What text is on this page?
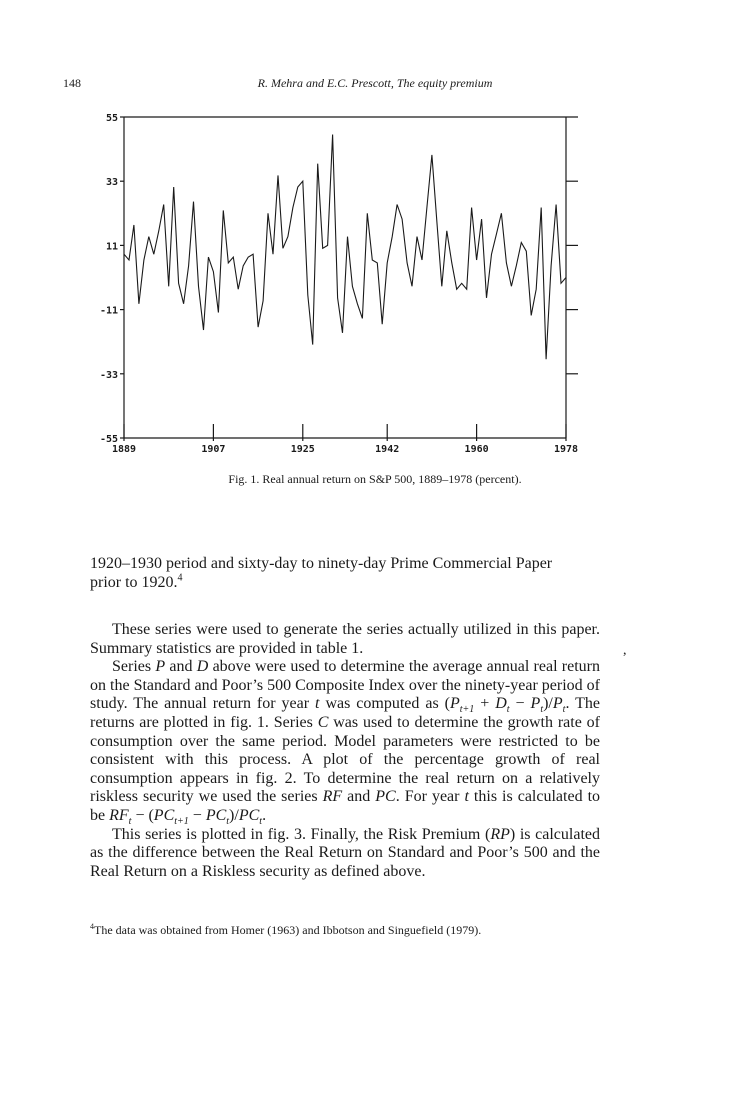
148	R. Mehra and E.C. Prescott, The equity premium
55
33
11
-11
-33
-55
1889	1907	1925	1942	1960	1978
Fig. 1. Real annual return on S&P 500, 1889–1978 (percent).

1920–1930 period and sixty-day to ninety-day Prime Commercial Paper

prior to 1920.$^4$

These series were used to generate the series actually utilized in this paper. Summary statistics are provided in table 1.

Series P and D above were used to determine the average annual real return on the Standard and Poor’s 500 Composite Index over the ninety-year period of study. The annual return for year t was computed as $(P_{t+1} + D_t - P_t)/P_t$. The returns are plotted in fig. 1. Series C was used to determine the growth rate of consumption over the same period. Model parameters were restricted to be consistent with this process. A plot of the percentage growth of real consumption appears in fig. 2. To determine the real return on a relatively riskless security we used the series RF and PC. For year t this is calculated to be $RF_t - (PC_{t+1} - PC_t)/PC_t$.

This series is plotted in fig. 3. Finally, the Risk Premium (RP) is calculated as the difference between the Real Return on Standard and Poor’s 500 and the Real Return on a Riskless security as defined above.

,
$^4$The data was obtained from Homer (1963) and Ibbotson and Singuefield (1979).
